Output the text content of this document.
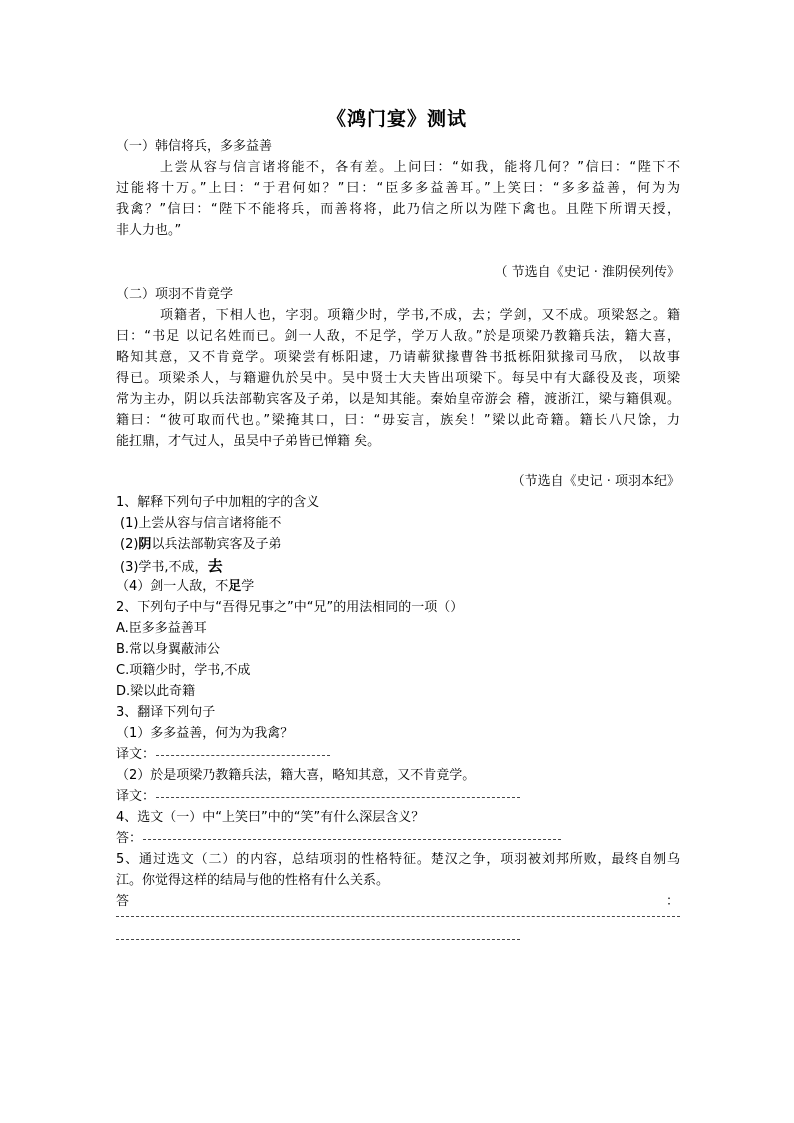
《鸿门宴》测试
（一）韩信将兵，多多益善
上尝从容与信言诸将能不，各有差。上问曰：“如我，能将几何？”信曰：“陛下不
过能将十万。”上曰：“于君何如？”曰：“臣多多益善耳。”上笑曰：“多多益善，何为为
我禽？”信曰：“陛下不能将兵，而善将将，此乃信之所以为陛下禽也。且陛下所谓天授，
非人力也。”
（ 节选自《史记 · 淮阴侯列传》
（二）项羽不肯竟学
项籍者，下相人也，字羽。项籍少时，学书,不成，去；学剑，又不成。项梁怒之。籍
曰：“书足 以记名姓而已。剑一人敌，不足学，学万人敌。”於是项梁乃教籍兵法，籍大喜，
略知其意，又不肯竟学。项梁尝有栎阳逮，乃请蕲狱掾曹咎书抵栎阳狱掾司马欣， 以故事
得已。项梁杀人，与籍避仇於吴中。吴中贤士大夫皆出项梁下。每吴中有大繇役及丧，项梁
常为主办，阴以兵法部勒宾客及子弟，以是知其能。秦始皇帝游会 稽，渡浙江，梁与籍俱观。
籍曰：“彼可取而代也。”梁掩其口，曰：“毋妄言，族矣！”梁以此奇籍。籍长八尺馀，力
能扛鼎，才气过人，虽吴中子弟皆已惮籍 矣。
（节选自《史记 · 项羽本纪》
1、解释下列句子中加粗的字的含义
(1)上尝从容与信言诸将能不
(2)阴以兵法部勒宾客及子弟
(3)学书,不成，去
（4）剑一人敌，不足学
2、下列句子中与“吾得兄事之”中“兄”的用法相同的一项（）
A.臣多多益善耳
B.常以身翼蔽沛公
C.项籍少时，学书,不成
D.梁以此奇籍
3、翻译下列句子
（1）多多益善，何为为我禽？
译文：
（2）於是项梁乃教籍兵法，籍大喜，略知其意，又不肯竟学。
译文：
4、选文（一）中“上笑曰”中的“笑”有什么深层含义？
答：
5、通过选文（二）的内容，总结项羽的性格特征。楚汉之争，项羽被刘邦所败，最终自刎乌
江。你觉得这样的结局与他的性格有什么关系。
答	：
